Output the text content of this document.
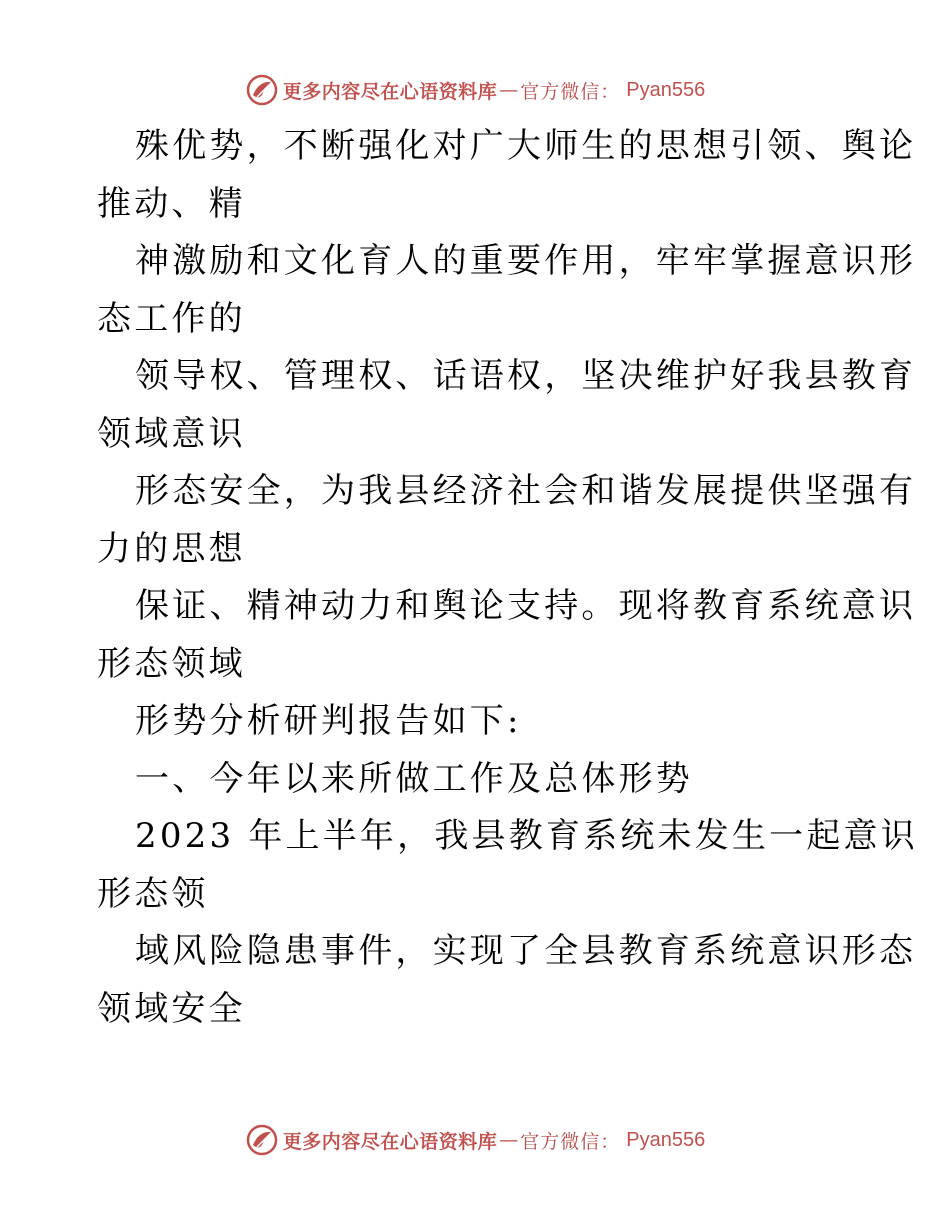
更多内容尽在心语资料库 — 官方微信： Pyan556
殊优势，不断强化对广大师生的思想引领、舆论
推动、精
神激励和文化育人的重要作用，牢牢掌握意识形
态工作的
领导权、管理权、话语权，坚决维护好我县教育
领域意识
形态安全，为我县经济社会和谐发展提供坚强有
力的思想
保证、精神动力和舆论支持。现将教育系统意识
形态领域
形势分析研判报告如下:
一、今年以来所做工作及总体形势
2023 年上半年，我县教育系统未发生一起意识
形态领
域风险隐患事件，实现了全县教育系统意识形态
领域安全
更多内容尽在心语资料库 — 官方微信： Pyan556
